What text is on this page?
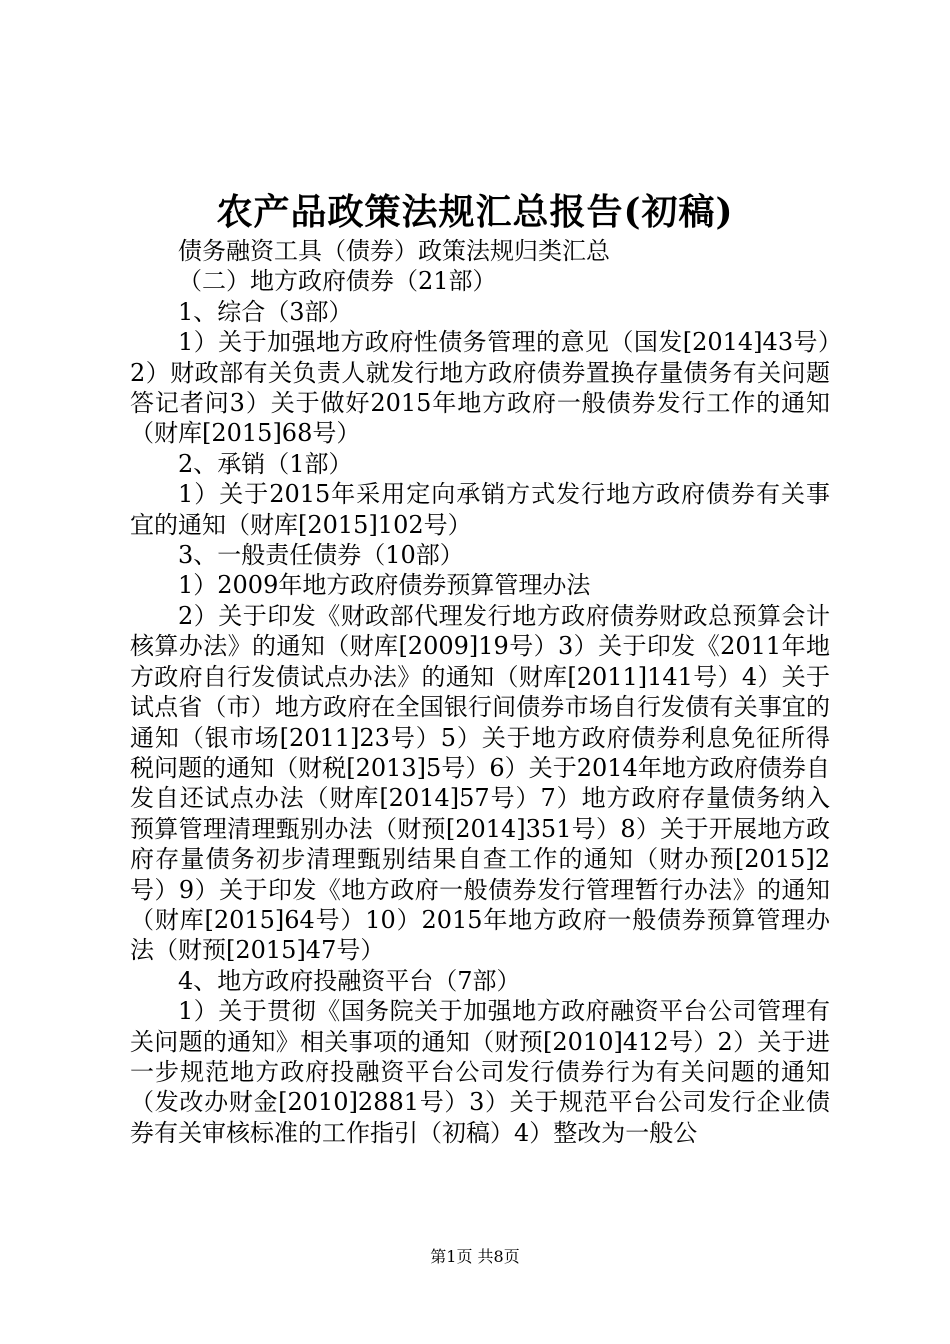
农产品政策法规汇总报告(初稿)

债务融资工具（债券）政策法规归类汇总

（二）地方政府债券（21部）

1、综合（3部）

1）关于加强地方政府性债务管理的意见（国发[2014]43号）2）财政部有关负责人就发行地方政府债券置换存量债务有关问题答记者问3）关于做好2015年地方政府一般债券发行工作的通知（财库[2015]68号）

2、承销（1部）

1）关于2015年采用定向承销方式发行地方政府债券有关事宜的通知（财库[2015]102号）

3、一般责任债券（10部）

1）2009年地方政府债券预算管理办法

2）关于印发《财政部代理发行地方政府债券财政总预算会计核算办法》的通知（财库[2009]19号）3）关于印发《2011年地方政府自行发债试点办法》的通知（财库[2011]141号）4）关于试点省（市）地方政府在全国银行间债券市场自行发债有关事宜的通知（银市场[2011]23号）5）关于地方政府债券利息免征所得税问题的通知（财税[2013]5号）6）关于2014年地方政府债券自发自还试点办法（财库[2014]57号）7）地方政府存量债务纳入预算管理清理甄别办法（财预[2014]351号）8）关于开展地方政府存量债务初步清理甄别结果自查工作的通知（财办预[2015]2号）9）关于印发《地方政府一般债券发行管理暂行办法》的通知（财库[2015]64号）10）2015年地方政府一般债券预算管理办法（财预[2015]47号）

4、地方政府投融资平台（7部）

1）关于贯彻《国务院关于加强地方政府融资平台公司管理有关问题的通知》相关事项的通知（财预[2010]412号）2）关于进一步规范地方政府投融资平台公司发行债券行为有关问题的通知（发改办财金[2010]2881号）3）关于规范平台公司发行企业债券有关审核标准的工作指引（初稿）4）整改为一般公

第1页 共8页
